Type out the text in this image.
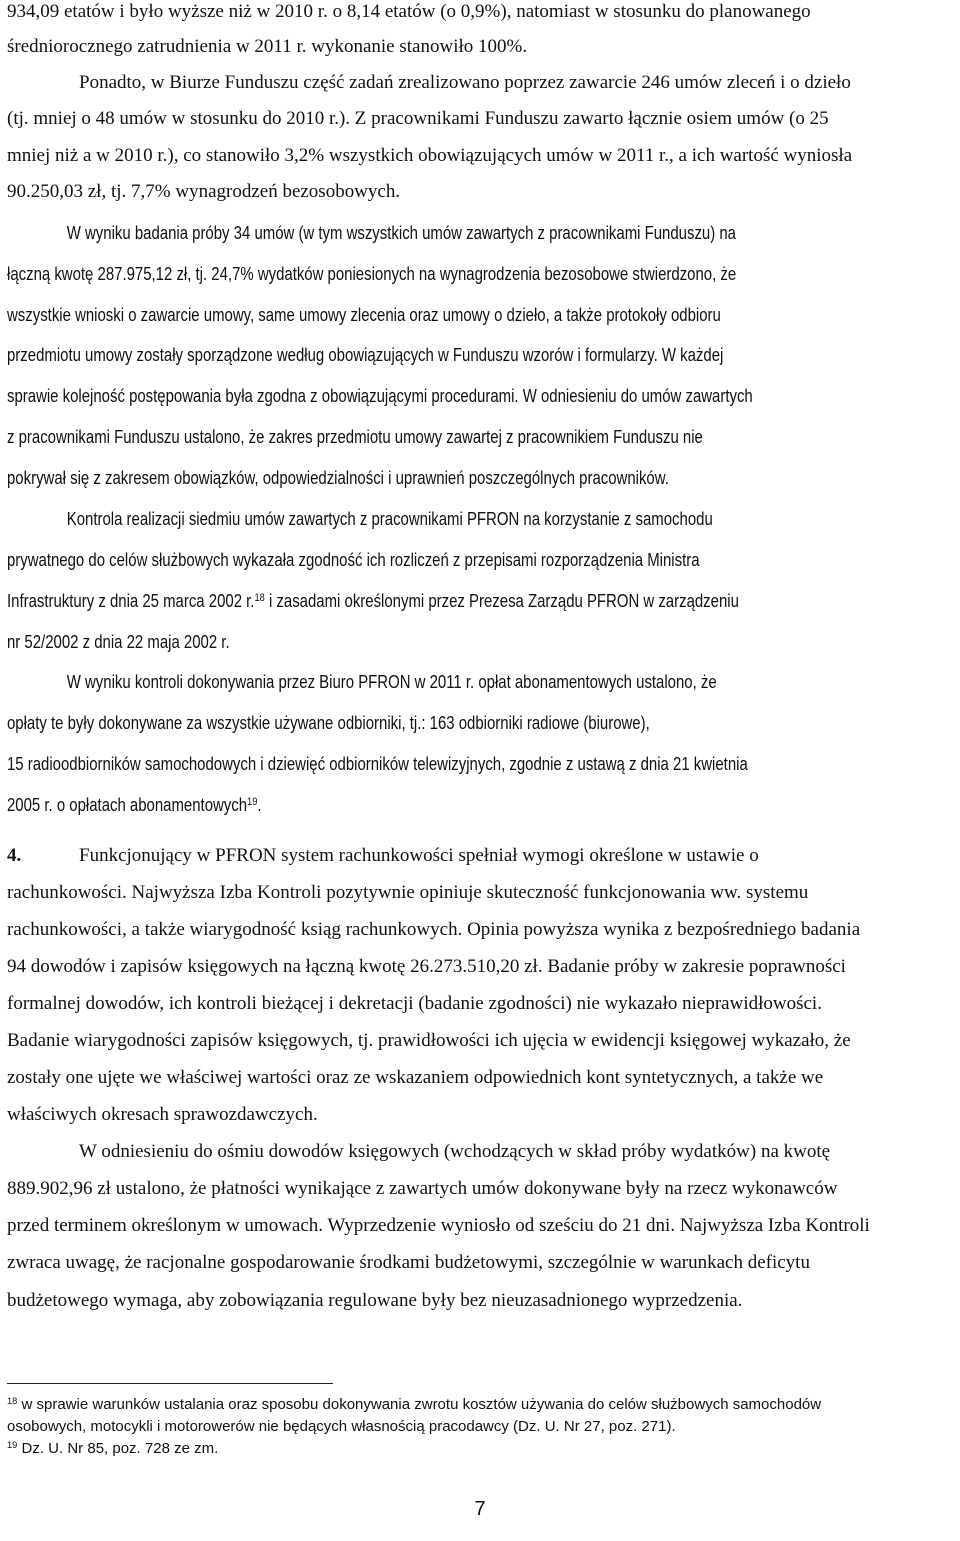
934,09 etatów i było wyższe niż w 2010 r. o 8,14 etatów (o 0,9%), natomiast w stosunku do planowanego
średniorocznego zatrudnienia w 2011 r. wykonanie stanowiło 100%.
Ponadto, w Biurze Funduszu część zadań zrealizowano poprzez zawarcie 246 umów zleceń i o dzieło
(tj. mniej o 48 umów w stosunku do 2010 r.). Z pracownikami Funduszu zawarto łącznie osiem umów (o 25
mniej niż a w 2010 r.), co stanowiło 3,2% wszystkich obowiązujących umów w 2011 r., a ich wartość wyniosła
90.250,03 zł, tj. 7,7% wynagrodzeń bezosobowych.
W wyniku badania próby 34 umów (w tym wszystkich umów zawartych z pracownikami Funduszu) na
łączną kwotę 287.975,12 zł, tj. 24,7% wydatków poniesionych na wynagrodzenia bezosobowe stwierdzono, że
wszystkie wnioski o zawarcie umowy, same umowy zlecenia oraz umowy o dzieło, a także protokoły odbioru
przedmiotu umowy zostały sporządzone według obowiązujących w Funduszu wzorów i formularzy. W każdej
sprawie kolejność postępowania była zgodna z obowiązującymi procedurami. W odniesieniu do umów zawartych
z pracownikami Funduszu ustalono, że zakres przedmiotu umowy zawartej z pracownikiem Funduszu nie
pokrywał się z zakresem obowiązków, odpowiedzialności i uprawnień poszczególnych pracowników.
Kontrola realizacji siedmiu umów zawartych z pracownikami PFRON na korzystanie z samochodu
prywatnego do celów służbowych wykazała zgodność ich rozliczeń z przepisami rozporządzenia Ministra
Infrastruktury z dnia 25 marca 2002 r.$^{18}$ i zasadami określonymi przez Prezesa Zarządu PFRON w zarządzeniu
nr 52/2002 z dnia 22 maja 2002 r.
W wyniku kontroli dokonywania przez Biuro PFRON w 2011 r. opłat abonamentowych ustalono, że
opłaty te były dokonywane za wszystkie używane odbiorniki, tj.: 163 odbiorniki radiowe (biurowe),
15 radioodbiorników samochodowych i dziewięć odbiorników telewizyjnych, zgodnie z ustawą z dnia 21 kwietnia
2005 r. o opłatach abonamentowych$^{19}$.
4.	Funkcjonujący w PFRON system rachunkowości spełniał wymogi określone w ustawie o
rachunkowości. Najwyższa Izba Kontroli pozytywnie opiniuje skuteczność funkcjonowania ww. systemu
rachunkowości, a także wiarygodność ksiąg rachunkowych. Opinia powyższa wynika z bezpośredniego badania
94 dowodów i zapisów księgowych na łączną kwotę 26.273.510,20 zł. Badanie próby w zakresie poprawności
formalnej dowodów, ich kontroli bieżącej i dekretacji (badanie zgodności) nie wykazało nieprawidłowości.
Badanie wiarygodności zapisów księgowych, tj. prawidłowości ich ujęcia w ewidencji księgowej wykazało, że
zostały one ujęte we właściwej wartości oraz ze wskazaniem odpowiednich kont syntetycznych, a także we
właściwych okresach sprawozdawczych.
W odniesieniu do ośmiu dowodów księgowych (wchodzących w skład próby wydatków) na kwotę
889.902,96 zł ustalono, że płatności wynikające z zawartych umów dokonywane były na rzecz wykonawców
przed terminem określonym w umowach. Wyprzedzenie wyniosło od sześciu do 21 dni. Najwyższa Izba Kontroli
zwraca uwagę, że racjonalne gospodarowanie środkami budżetowymi, szczególnie w warunkach deficytu
budżetowego wymaga, aby zobowiązania regulowane były bez nieuzasadnionego wyprzedzenia.
$^{18}$ w sprawie warunków ustalania oraz sposobu dokonywania zwrotu kosztów używania do celów służbowych samochodów
osobowych, motocykli i motorowerów nie będących własnością pracodawcy (Dz. U. Nr 27, poz. 271).
$^{19}$ Dz. U. Nr 85, poz. 728 ze zm.
7
